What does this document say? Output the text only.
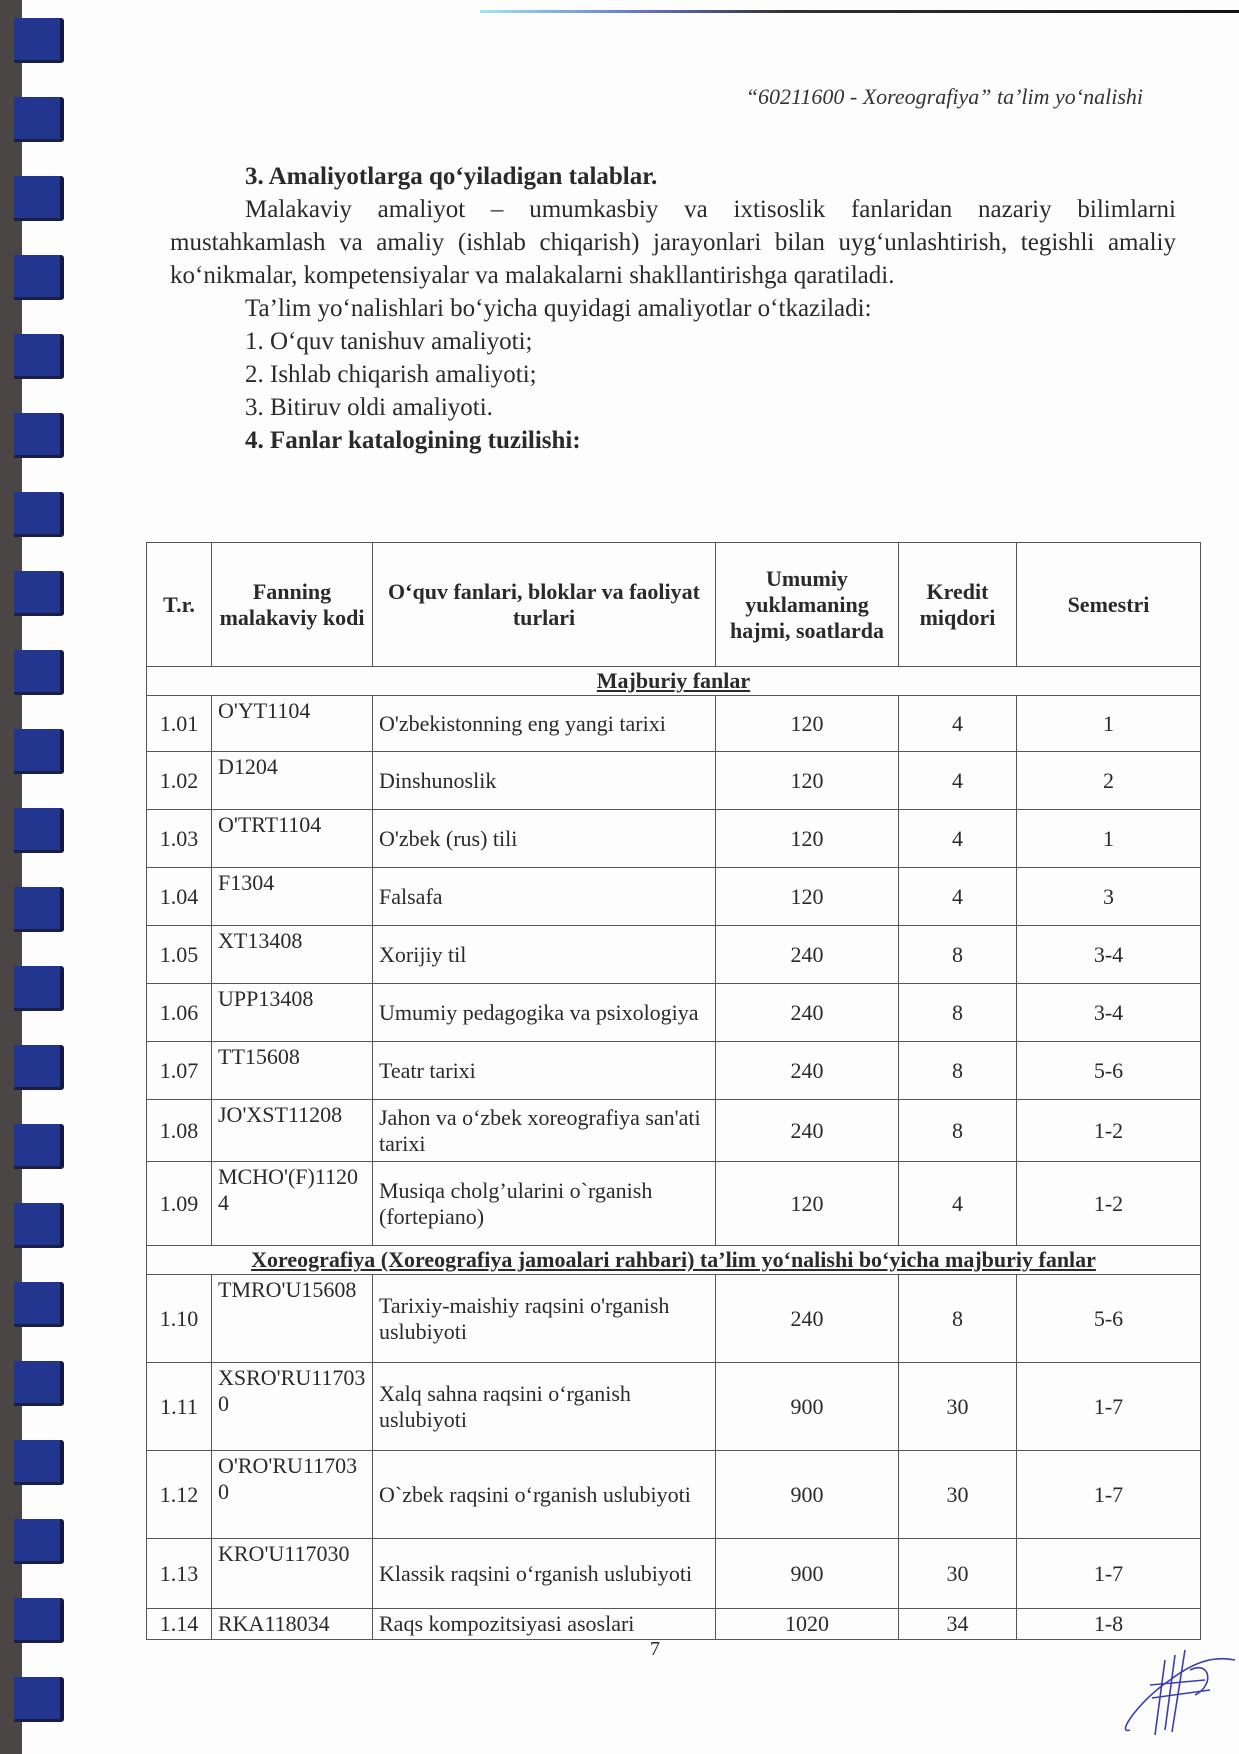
“60211600 - Xoreografiya” ta’lim yo‘nalishi
3. Amaliyotlarga qo‘yiladigan talablar.
Malakaviy amaliyot – umumkasbiy va ixtisoslik fanlaridan nazariy bilimlarni mustahkamlash va amaliy (ishlab chiqarish) jarayonlari bilan uyg‘unlashtirish, tegishli amaliy ko‘nikmalar, kompetensiyalar va malakalarni shakllantirishga qaratiladi.
Ta’lim yo‘nalishlari bo‘yicha quyidagi amaliyotlar o‘tkaziladi:
1. O‘quv tanishuv amaliyoti;
2. Ishlab chiqarish amaliyoti;
3. Bitiruv oldi amaliyoti.
4. Fanlar katalogining tuzilishi:
T.r.	Fanning malakaviy kodi	O‘quv fanlari, bloklar va faoliyat turlari	Umumiy yuklamaning hajmi, soatlarda	Kredit miqdori	Semestri
Majburiy fanlar					
1.01	O'YT1104	O'zbekistonning eng yangi tarixi	120	4	1
1.02	D1204	Dinshunoslik	120	4	2
1.03	O'TRT1104	O'zbek (rus) tili	120	4	1
1.04	F1304	Falsafa	120	4	3
1.05	XT13408	Xorijiy til	240	8	3-4
1.06	UPP13408	Umumiy pedagogika va psixologiya	240	8	3-4
1.07	TT15608	Teatr tarixi	240	8	5-6
1.08	JO'XST11208	Jahon va o‘zbek xoreografiya san'ati tarixi	240	8	1-2
1.09	MCHO'(F)11204	Musiqa cholg’ularini o`rganish (fortepiano)	120	4	1-2
Xoreografiya (Xoreografiya jamoalari rahbari) ta’lim yo‘nalishi bo‘yicha majburiy fanlar					
1.10	TMRO'U15608	Tarixiy-maishiy raqsini o'rganish uslubiyoti	240	8	5-6
1.11	XSRO'RU117030	Xalq sahna raqsini o‘rganish uslubiyoti	900	30	1-7
1.12	O'RO'RU117030	O`zbek raqsini o‘rganish uslubiyoti	900	30	1-7
1.13	KRO'U117030	Klassik raqsini o‘rganish uslubiyoti	900	30	1-7
1.14	RKA118034	Raqs kompozitsiyasi asoslari	1020	34	1-8
7
